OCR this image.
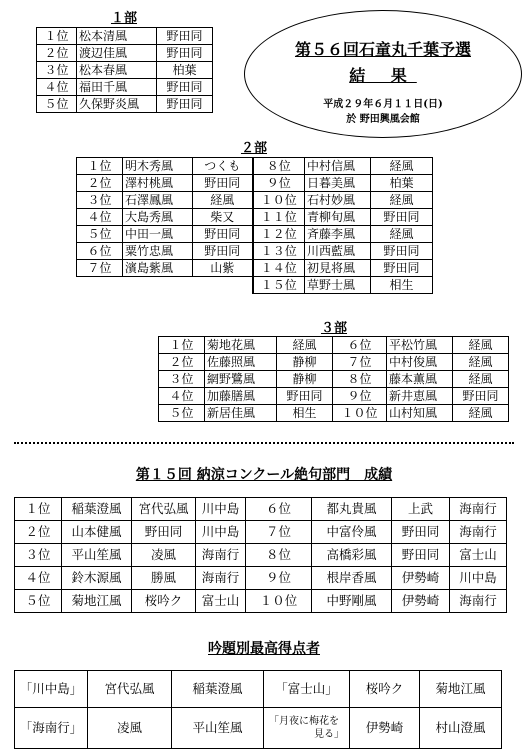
１部
１位	松本清風	野田同
２位	渡辺佳風	野田同
３位	松本春風	柏葉
４位	福田千風	野田同
５位	久保野炎風	野田同
第５６回石童丸千葉予選
結 果
平成２９年６月１１日(日)
於 野田興風会館
２部
１位	明木秀風	つくも	８位	中村信風	経風
２位	澤村桃風	野田同	９位	日暮美風	柏葉
３位	石澤鳳風	経風	１０位	石村妙風	経風
４位	大島秀風	柴又	１１位	青柳旬風	野田同
５位	中田一風	野田同	１２位	斉藤李風	経風
６位	粟竹忠風	野田同	１３位	川西藍風	野田同
７位	濱島紫風	山紫	１４位	初見将風	野田同
			１５位	草野士風	相生
３部
１位	菊地花風	経風	６位	平松竹風	経風
２位	佐藤照風	静柳	７位	中村俊風	経風
３位	網野鷺風	静柳	８位	藤本薫風	経風
４位	加藤膳風	野田同	９位	新井恵風	野田同
５位	新居佳風	相生	１０位	山村知風	経風
第１５回 納涼コンクール絶句部門　成績
１位	稲葉澄風	宮代弘風	川中島	６位	都丸貴風	上武	海南行
２位	山本健風	野田同	川中島	７位	中富伶風	野田同	海南行
３位	平山笙風	凌風	海南行	８位	高橋彩風	野田同	富士山
４位	鈴木源風	勝風	海南行	９位	根岸香風	伊勢崎	川中島
５位	菊地江風	桜吟ク	富士山	１０位	中野剛風	伊勢崎	海南行
吟題別最高得点者
「川中島」	宮代弘風	稲葉澄風	「富士山」	桜吟ク	菊地江風
「海南行」	凌風	平山笙風	「月夜に梅花を
見る」	伊勢崎	村山澄風
